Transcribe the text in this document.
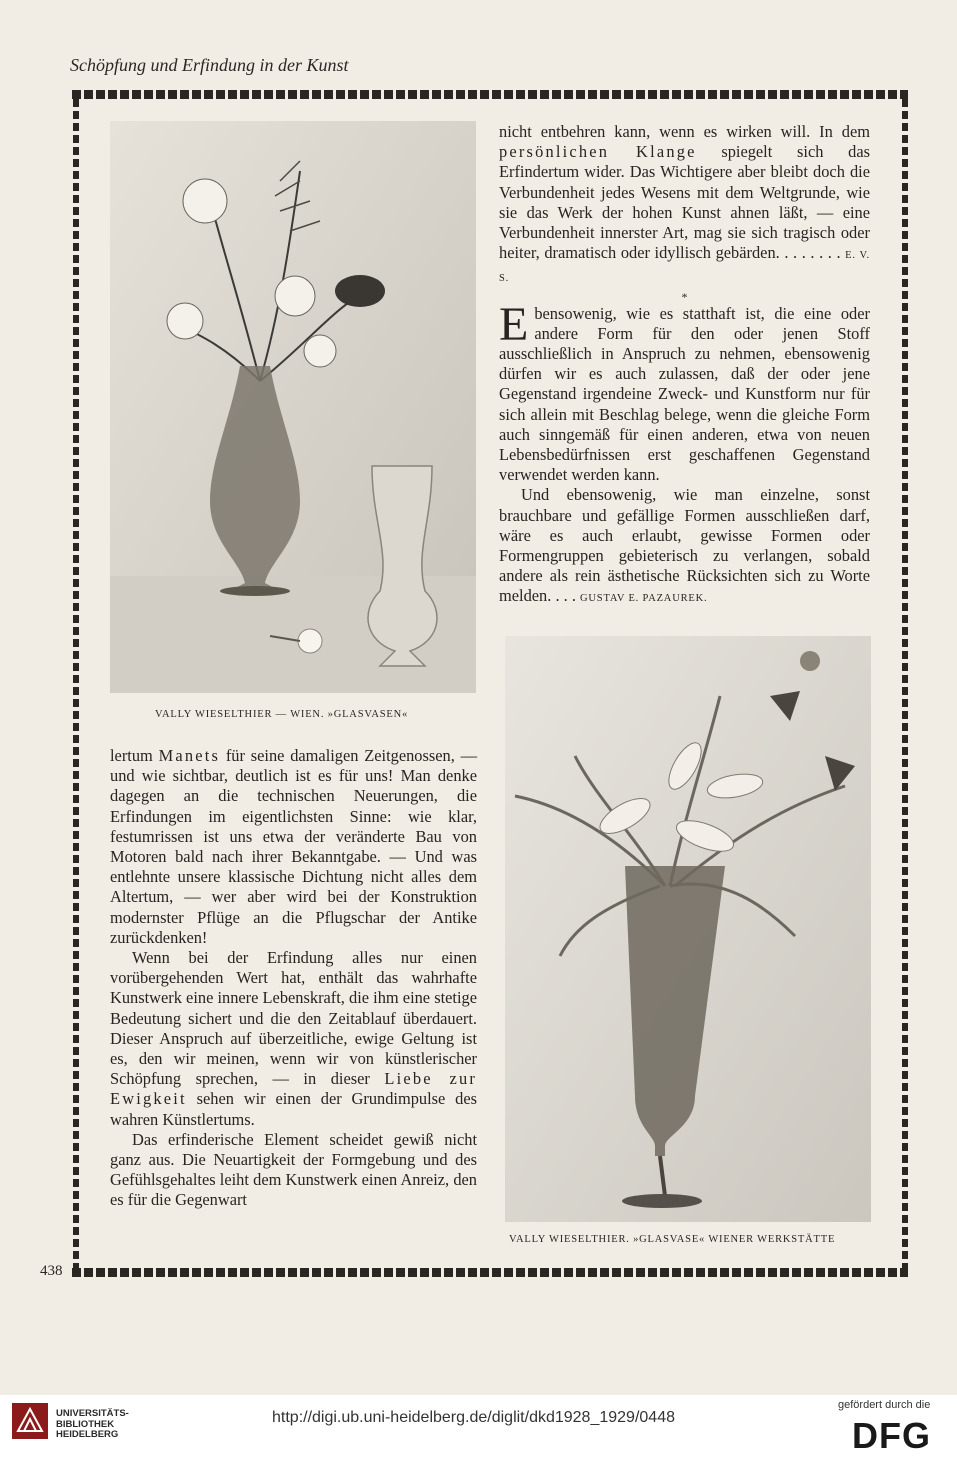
Schöpfung und Erfindung in der Kunst
438
VALLY WIESELTHIER — WIEN. »GLASVASEN«

nicht entbehren kann, wenn es wirken will. In dem persönlichen Klange spiegelt sich das Erfindertum wider. Das Wichtigere aber bleibt doch die Verbundenheit jedes Wesens mit dem Weltgrunde, wie sie das Werk der hohen Kunst ahnen läßt, — eine Verbundenheit innerster Art, mag sie sich tragisch oder heiter, dramatisch oder idyllisch gebärden. . . . . . . . E. V. S.

*

E bensowenig, wie es statthaft ist, die eine oder andere Form für den oder jenen Stoff ausschließlich in Anspruch zu nehmen, ebensowenig dürfen wir es auch zulassen, daß der oder jene Gegenstand irgendeine Zweck- und Kunstform nur für sich allein mit Beschlag belege, wenn die gleiche Form auch sinngemäß für einen anderen, etwa von neuen Lebensbedürfnissen erst geschaffenen Gegenstand verwendet werden kann.

Und ebensowenig, wie man einzelne, sonst brauchbare und gefällige Formen ausschließen darf, wäre es auch erlaubt, gewisse Formen oder Formengruppen gebieterisch zu verlangen, sobald andere als rein ästhetische Rücksichten sich zu Worte melden. . . . GUSTAV E. PAZAUREK.

VALLY WIESELTHIER. »GLASVASE« WIENER WERKSTÄTTE

lertum Manets für seine damaligen Zeitgenossen, — und wie sichtbar, deutlich ist es für uns! Man denke dagegen an die technischen Neuerungen, die Erfindungen im eigentlichsten Sinne: wie klar, festumrissen ist uns etwa der veränderte Bau von Motoren bald nach ihrer Bekanntgabe. — Und was entlehnte unsere klassische Dichtung nicht alles dem Altertum, — wer aber wird bei der Konstruktion modernster Pflüge an die Pflugschar der Antike zurückdenken!

Wenn bei der Erfindung alles nur einen vorübergehenden Wert hat, enthält das wahrhafte Kunstwerk eine innere Lebenskraft, die ihm eine stetige Bedeutung sichert und die den Zeitablauf überdauert. Dieser Anspruch auf überzeitliche, ewige Geltung ist es, den wir meinen, wenn wir von künstlerischer Schöpfung sprechen, — in dieser Liebe zur Ewigkeit sehen wir einen der Grundimpulse des wahren Künstlertums.

Das erfinderische Element scheidet gewiß nicht ganz aus. Die Neuartigkeit der Formgebung und des Gefühlsgehaltes leiht dem Kunstwerk einen Anreiz, den es für die Gegenwart

UNIVERSITÄTS- BIBLIOTHEK HEIDELBERG
http://digi.ub.uni-heidelberg.de/diglit/dkd1928_1929/0448
gefördert durch die
DFG
